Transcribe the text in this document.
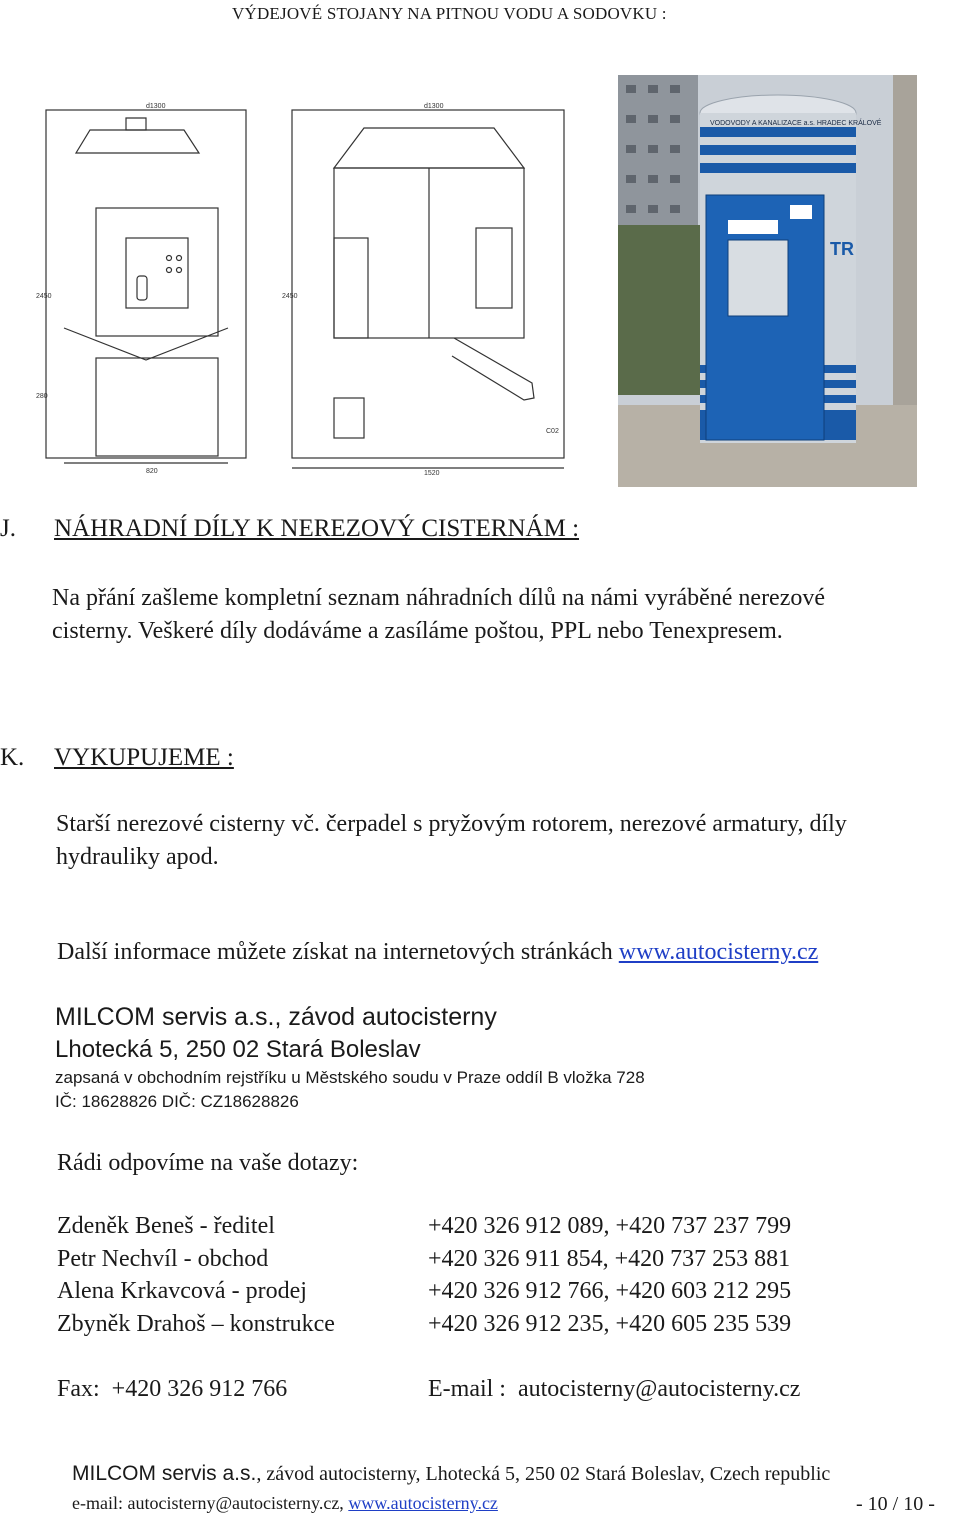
VÝDEJOVÉ STOJANY NA PITNOU VODU A SODOVKU :
d1300	d1300
2450	2450
280
820	1520
C02
VODOVODY A KANALIZACE a.s. HRADEC KRÁLOVÉ
TR
J. NÁHRADNÍ DÍLY K NEREZOVÝ CISTERNÁM :
Na přání zašleme kompletní seznam náhradních dílů na námi vyráběné nerezové cisterny. Veškeré díly dodáváme a zasíláme poštou, PPL nebo Tenexpresem.
K. VYKUPUJEME :
Starší nerezové cisterny vč. čerpadel s pryžovým rotorem, nerezové armatury, díly hydrauliky apod.
Další informace můžete získat na internetových stránkách www.autocisterny.cz
MILCOM servis a.s., závod autocisterny
Lhotecká 5, 250 02 Stará Boleslav
zapsaná v obchodním rejstříku u Městského soudu v Praze oddíl B vložka 728
IČ: 18628826 DIČ: CZ18628826
Rádi odpovíme na vaše dotazy:
Zdeněk Beneš - ředitel	+420 326 912 089, +420 737 237 799
Petr Nechvíl - obchod	+420 326 911 854, +420 737 253 881
Alena Krkavcová - prodej	+420 326 912 766, +420 603 212 295
Zbyněk Drahoš – konstrukce	+420 326 912 235, +420 605 235 539
Fax: +420 326 912 766	E-mail : autocisterny@autocisterny.cz
MILCOM servis a.s., závod autocisterny, Lhotecká 5, 250 02 Stará Boleslav, Czech republic
e-mail: autocisterny@autocisterny.cz, www.autocisterny.cz	- 10 / 10 -
